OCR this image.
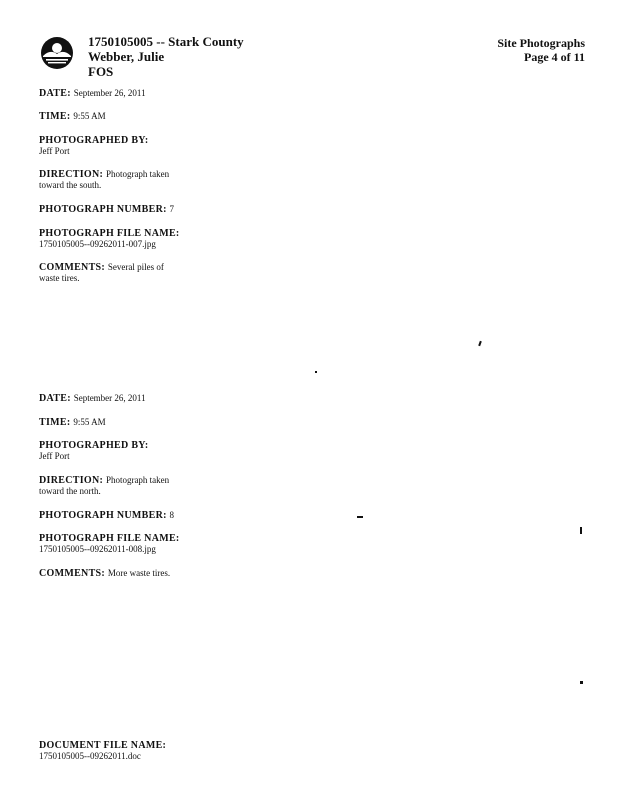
1750105005 -- Stark County
Webber, Julie
FOS
Site Photographs
Page 4 of 11
DATE: September 26, 2011
TIME: 9:55 AM
PHOTOGRAPHED BY:
Jeff Port
DIRECTION: Photograph taken
toward the south.
PHOTOGRAPH NUMBER: 7
PHOTOGRAPH FILE NAME:
1750105005--09262011-007.jpg
COMMENTS: Several piles of
waste tires.
DATE: September 26, 2011
TIME: 9:55 AM
PHOTOGRAPHED BY:
Jeff Port
DIRECTION: Photograph taken
toward the north.
PHOTOGRAPH NUMBER: 8
PHOTOGRAPH FILE NAME:
1750105005--09262011-008.jpg
COMMENTS: More waste tires.
DOCUMENT FILE NAME:
1750105005--09262011.doc
